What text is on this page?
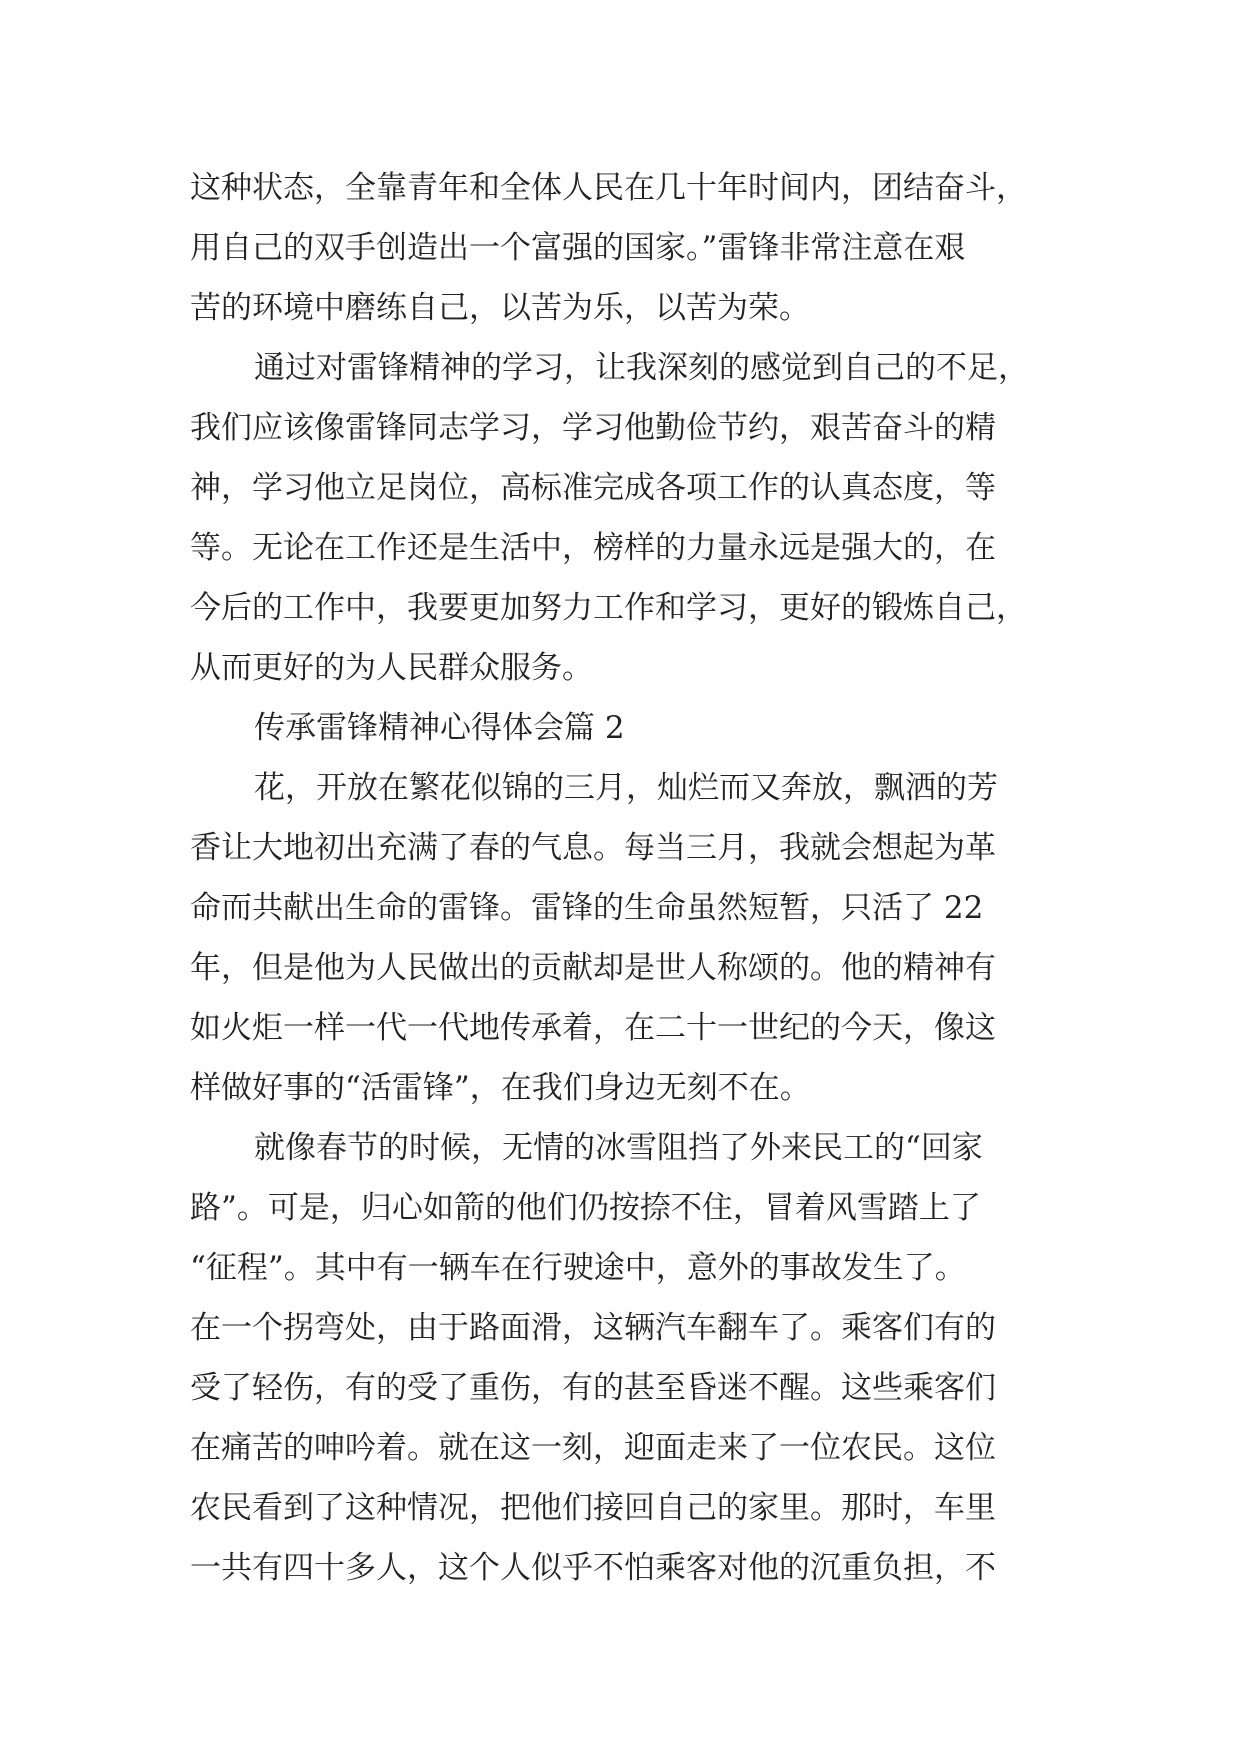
这种状态，全靠青年和全体人民在几十年时间内，团结奋斗，
用自己的双手创造出一个富强的国家。”雷锋非常注意在艰
苦的环境中磨练自己，以苦为乐，以苦为荣。
通过对雷锋精神的学习，让我深刻的感觉到自己的不足，
我们应该像雷锋同志学习，学习他勤俭节约，艰苦奋斗的精
神，学习他立足岗位，高标准完成各项工作的认真态度，等
等。无论在工作还是生活中，榜样的力量永远是强大的，在
今后的工作中，我要更加努力工作和学习，更好的锻炼自己，
从而更好的为人民群众服务。
传承雷锋精神心得体会篇 2
花，开放在繁花似锦的三月，灿烂而又奔放，飘洒的芳
香让大地初出充满了春的气息。每当三月，我就会想起为革
命而共献出生命的雷锋。雷锋的生命虽然短暂，只活了 22
年，但是他为人民做出的贡献却是世人称颂的。他的精神有
如火炬一样一代一代地传承着，在二十一世纪的今天，像这
样做好事的“活雷锋”，在我们身边无刻不在。
就像春节的时候，无情的冰雪阻挡了外来民工的“回家
路”。可是，归心如箭的他们仍按捺不住，冒着风雪踏上了
“征程”。其中有一辆车在行驶途中，意外的事故发生了。
在一个拐弯处，由于路面滑，这辆汽车翻车了。乘客们有的
受了轻伤，有的受了重伤，有的甚至昏迷不醒。这些乘客们
在痛苦的呻吟着。就在这一刻，迎面走来了一位农民。这位
农民看到了这种情况，把他们接回自己的家里。那时，车里
一共有四十多人，这个人似乎不怕乘客对他的沉重负担，不
